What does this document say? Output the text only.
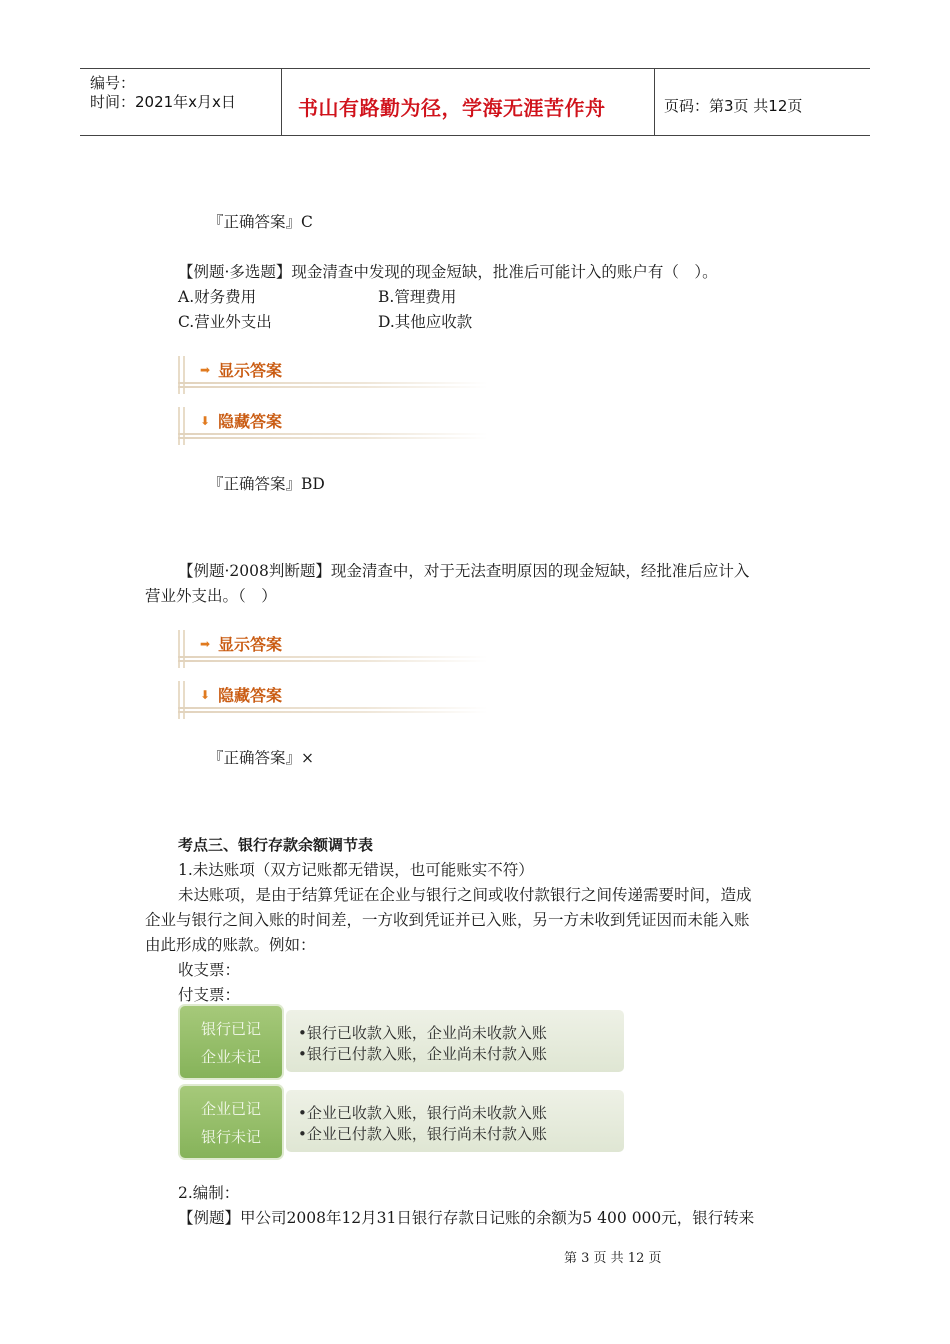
编号：
时间：2021年x月x日	书山有路勤为径，学海无涯苦作舟	页码：第3页 共12页
『正确答案』C
【例题·多选题】现金清查中发现的现金短缺，批准后可能计入的账户有（　）。
A.财务费用	B.管理费用
C.营业外支出	D.其他应收款
➡ 显示答案
⬇ 隐藏答案
『正确答案』BD
【例题·2008判断题】现金清查中，对于无法查明原因的现金短缺，经批准后应计入
营业外支出。（　）
➡ 显示答案
⬇ 隐藏答案
『正确答案』×
考点三、银行存款余额调节表
1.未达账项（双方记账都无错误，也可能账实不符）
未达账项，是由于结算凭证在企业与银行之间或收付款银行之间传递需要时间，造成
企业与银行之间入账的时间差，一方收到凭证并已入账，另一方未收到凭证因而未能入账
由此形成的账款。例如：
收支票：
付支票：
银行已记
企业未记
•银行已收款入账，企业尚未收款入账
•银行已付款入账，企业尚未付款入账
企业已记
银行未记
•企业已收款入账，银行尚未收款入账
•企业已付款入账，银行尚未付款入账
2.编制：
【例题】甲公司2008年12月31日银行存款日记账的余额为5 400 000元，银行转来
第 3 页 共 12 页
